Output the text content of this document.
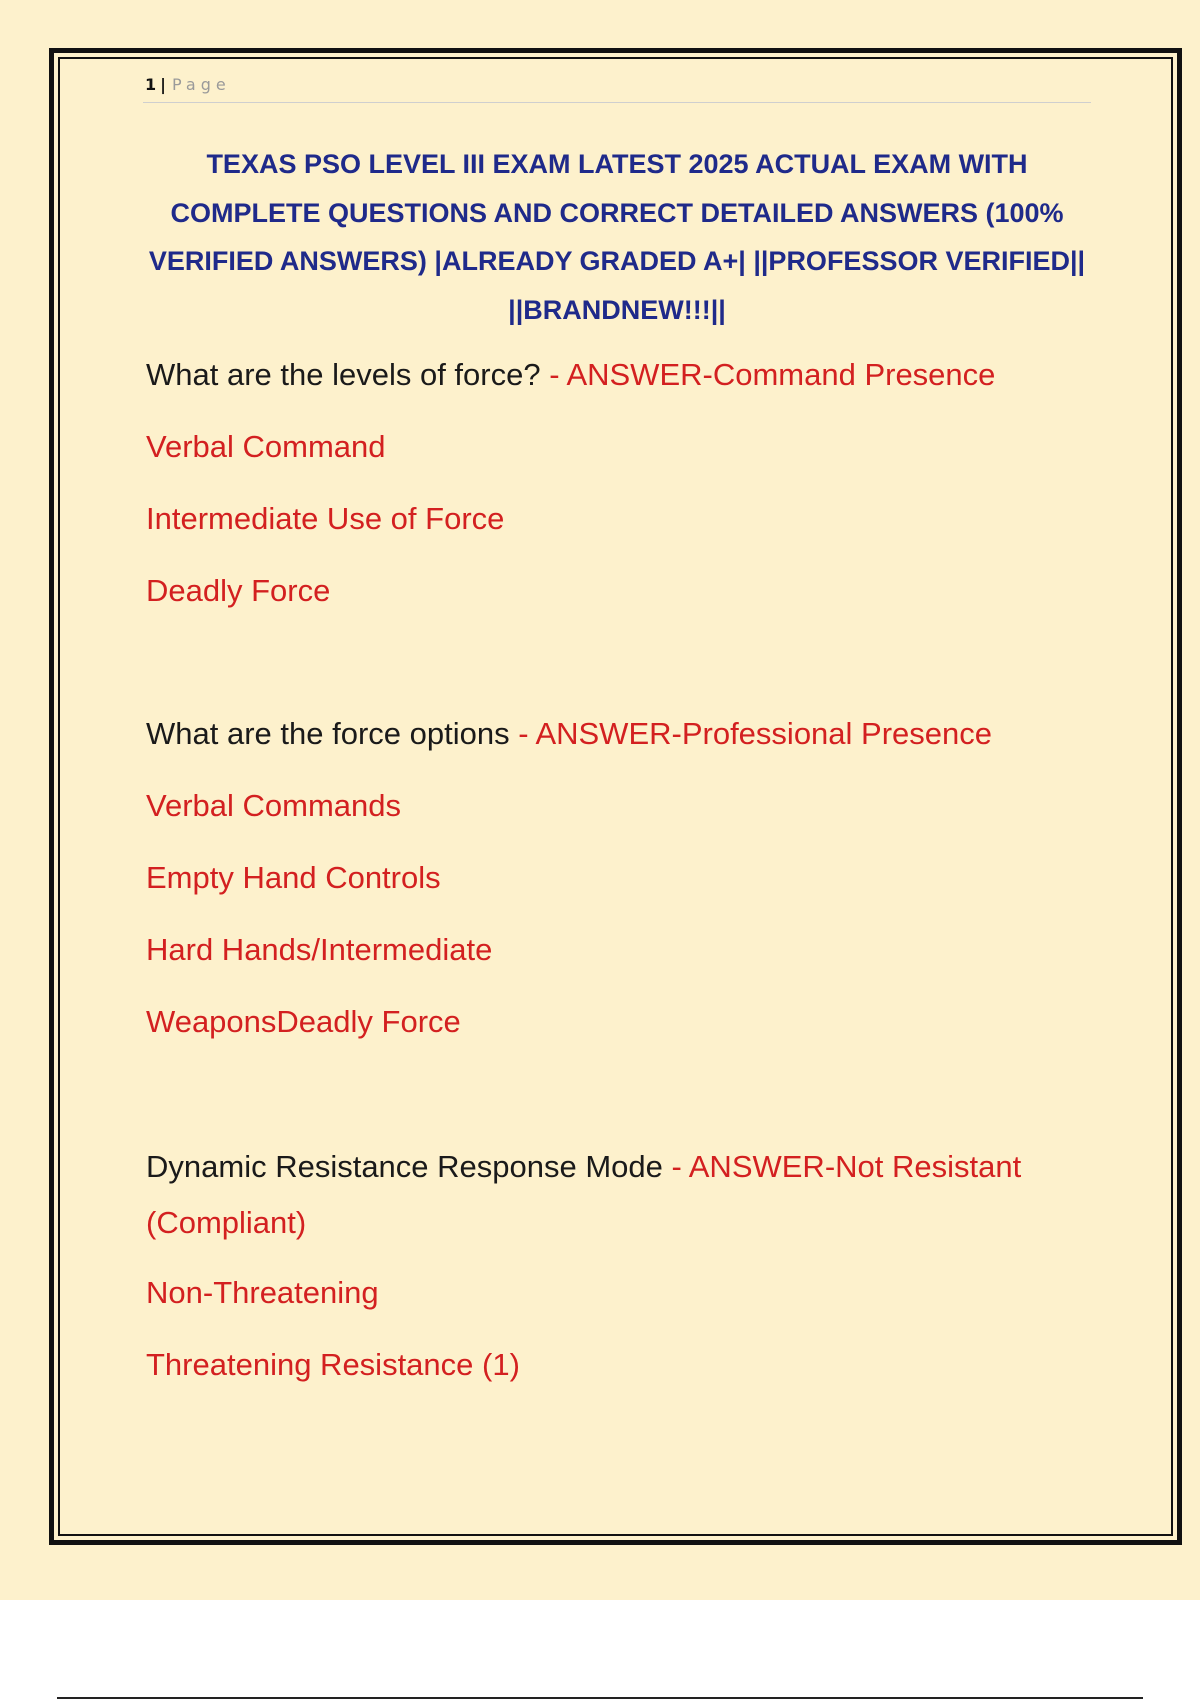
1 | Page
TEXAS PSO LEVEL III EXAM LATEST 2025 ACTUAL EXAM WITH COMPLETE QUESTIONS AND CORRECT DETAILED ANSWERS (100% VERIFIED ANSWERS) |ALREADY GRADED A+| ||PROFESSOR VERIFIED|| ||BRANDNEW!!!||

What are the levels of force? - ANSWER-Command Presence

Verbal Command

Intermediate Use of Force

Deadly Force

What are the force options - ANSWER-Professional Presence

Verbal Commands

Empty Hand Controls

Hard Hands/Intermediate

WeaponsDeadly Force

Dynamic Resistance Response Mode - ANSWER-Not Resistant (Compliant)

Non-Threatening

Threatening Resistance (1)
